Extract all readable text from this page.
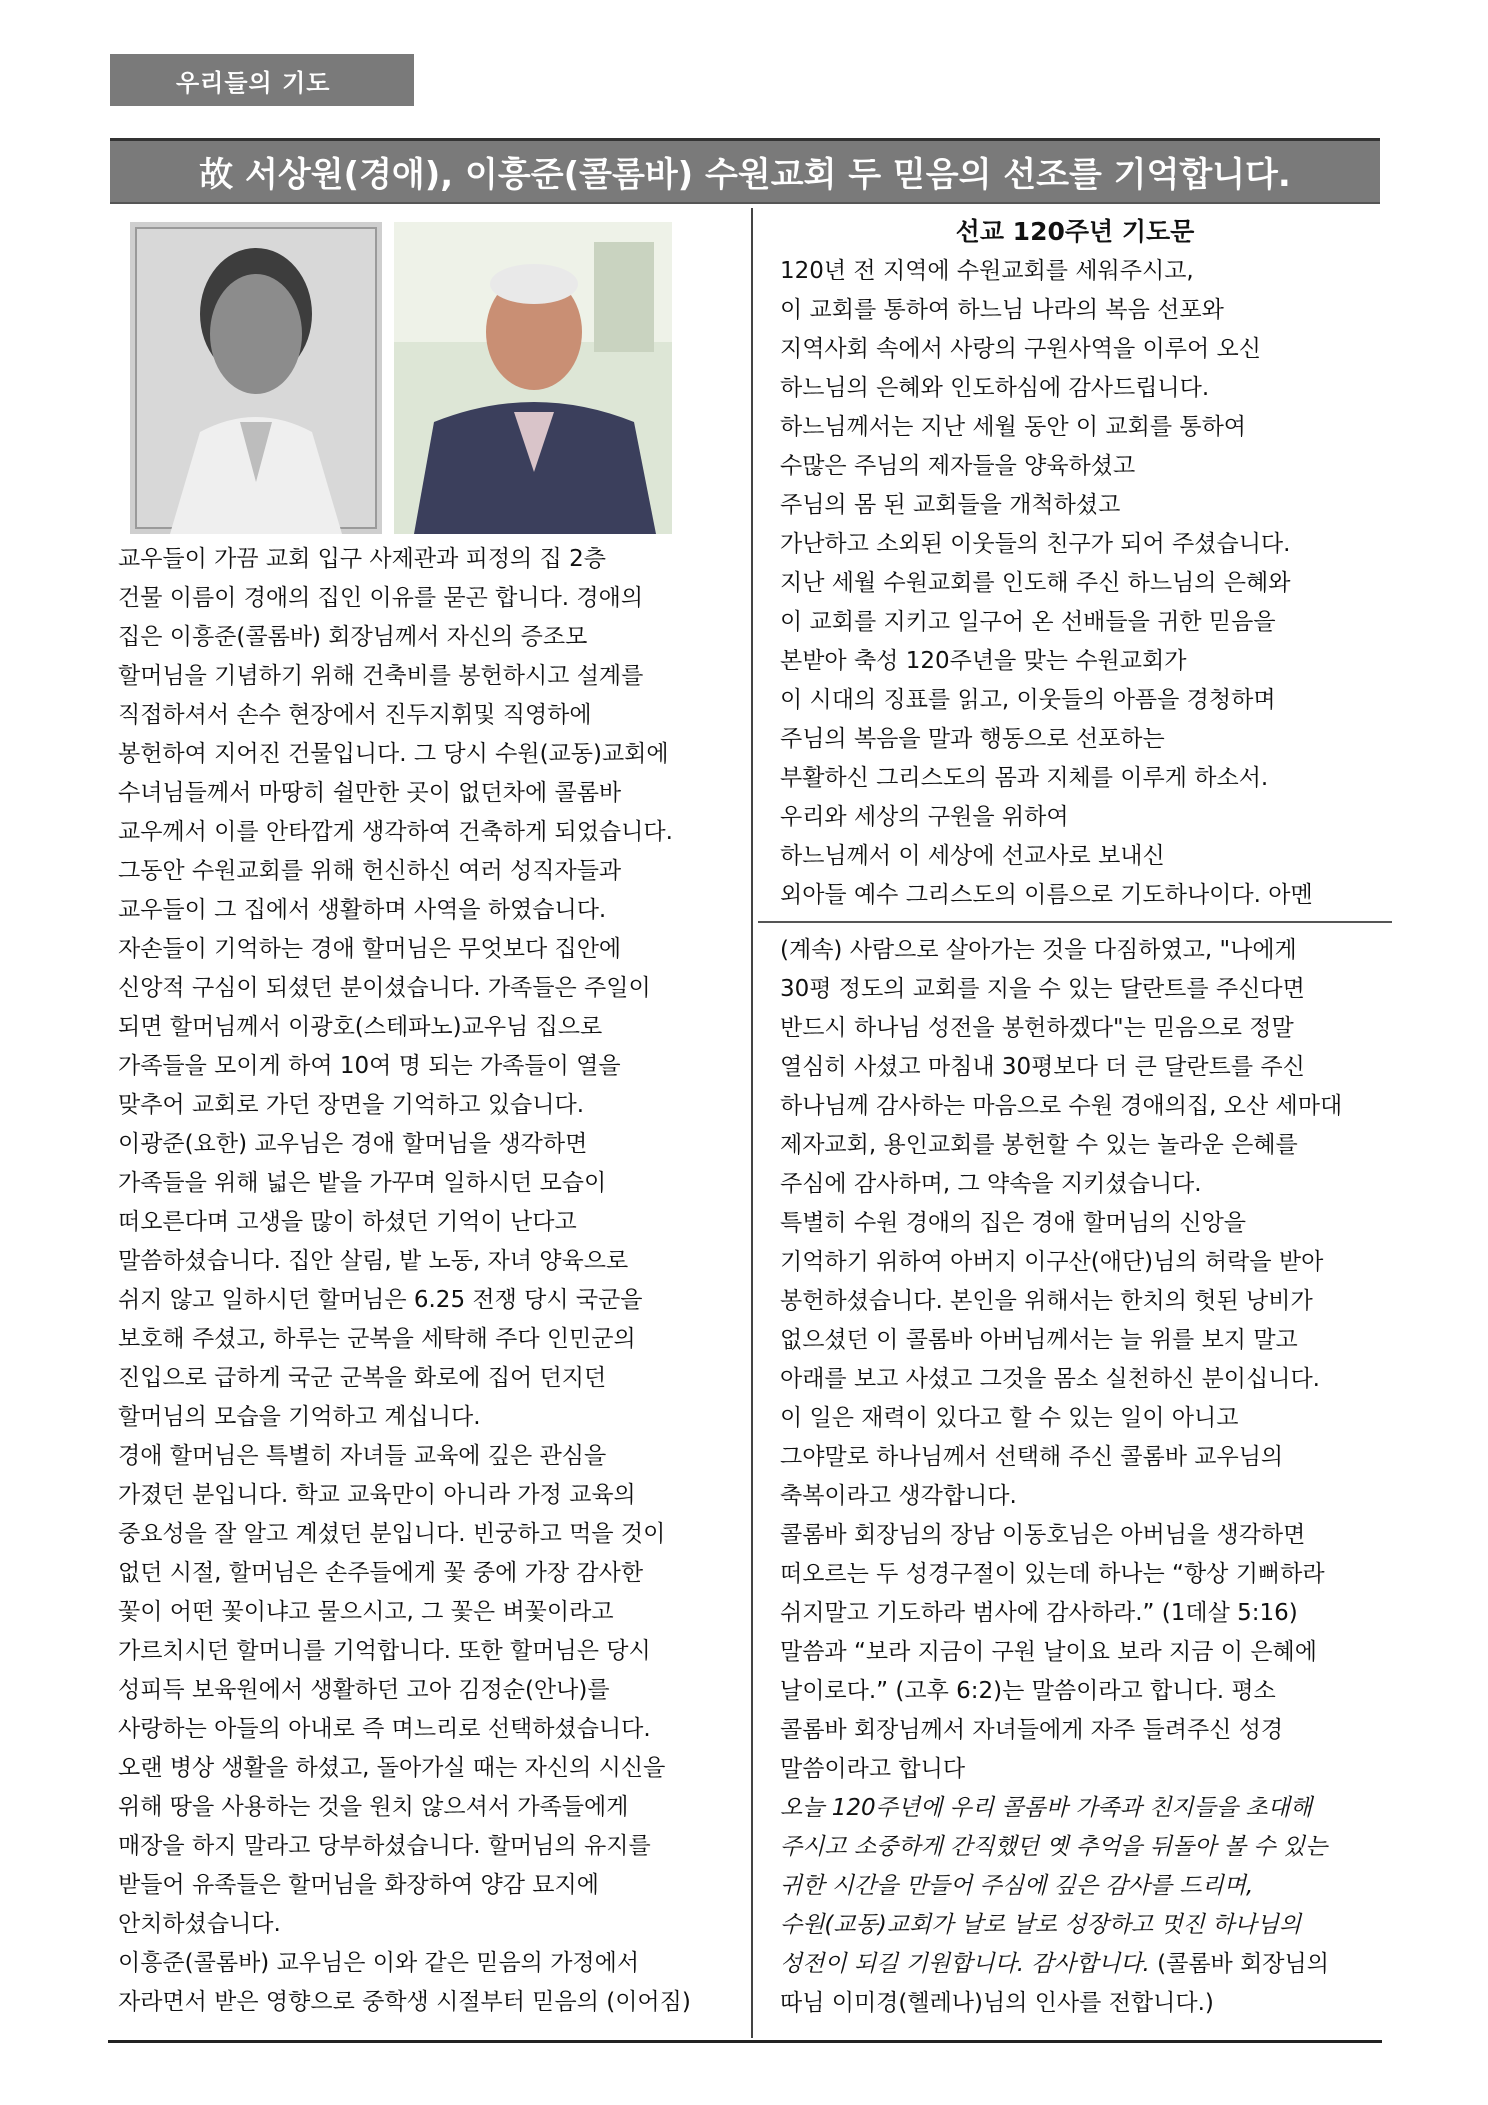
우리들의 기도
故 서상원(경애), 이흥준(콜롬바) 수원교회 두 믿음의 선조를 기억합니다.

교우들이 가끔 교회 입구 사제관과 피정의 집 2층

건물 이름이 경애의 집인 이유를 묻곤 합니다. 경애의

집은 이흥준(콜롬바) 회장님께서 자신의 증조모

할머님을 기념하기 위해 건축비를 봉헌하시고 설계를

직접하셔서 손수 현장에서 진두지휘및 직영하에

봉헌하여 지어진 건물입니다. 그 당시 수원(교동)교회에

수녀님들께서 마땅히 쉴만한 곳이 없던차에 콜롬바

교우께서 이를 안타깝게 생각하여 건축하게 되었습니다.

그동안 수원교회를 위해 헌신하신 여러 성직자들과

교우들이 그 집에서 생활하며 사역을 하였습니다.

자손들이 기억하는 경애 할머님은 무엇보다 집안에

신앙적 구심이 되셨던 분이셨습니다. 가족들은 주일이

되면 할머님께서 이광호(스테파노)교우님 집으로

가족들을 모이게 하여 10여 명 되는 가족들이 열을

맞추어 교회로 가던 장면을 기억하고 있습니다.

이광준(요한) 교우님은 경애 할머님을 생각하면

가족들을 위해 넓은 밭을 가꾸며 일하시던 모습이

떠오른다며 고생을 많이 하셨던 기억이 난다고

말씀하셨습니다. 집안 살림, 밭 노동, 자녀 양육으로

쉬지 않고 일하시던 할머님은 6.25 전쟁 당시 국군을

보호해 주셨고, 하루는 군복을 세탁해 주다 인민군의

진입으로 급하게 국군 군복을 화로에 집어 던지던

할머님의 모습을 기억하고 계십니다.

경애 할머님은 특별히 자녀들 교육에 깊은 관심을

가졌던 분입니다. 학교 교육만이 아니라 가정 교육의

중요성을 잘 알고 계셨던 분입니다. 빈궁하고 먹을 것이

없던 시절, 할머님은 손주들에게 꽃 중에 가장 감사한

꽃이 어떤 꽃이냐고 물으시고, 그 꽃은 벼꽃이라고

가르치시던 할머니를 기억합니다. 또한 할머님은 당시

성피득 보육원에서 생활하던 고아 김정순(안나)를

사랑하는 아들의 아내로 즉 며느리로 선택하셨습니다.

오랜 병상 생활을 하셨고, 돌아가실 때는 자신의 시신을

위해 땅을 사용하는 것을 원치 않으셔서 가족들에게

매장을 하지 말라고 당부하셨습니다. 할머님의 유지를

받들어 유족들은 할머님을 화장하여 양감 묘지에

안치하셨습니다.

이흥준(콜롬바) 교우님은 이와 같은 믿음의 가정에서

자라면서 받은 영향으로 중학생 시절부터 믿음의 (이어짐)

선교 120주년 기도문

120년 전 지역에 수원교회를 세워주시고,

이 교회를 통하여 하느님 나라의 복음 선포와

지역사회 속에서 사랑의 구원사역을 이루어 오신

하느님의 은혜와 인도하심에 감사드립니다.

하느님께서는 지난 세월 동안 이 교회를 통하여

수많은 주님의 제자들을 양육하셨고

주님의 몸 된 교회들을 개척하셨고

가난하고 소외된 이웃들의 친구가 되어 주셨습니다.

지난 세월 수원교회를 인도해 주신 하느님의 은혜와

이 교회를 지키고 일구어 온 선배들을 귀한 믿음을

본받아 축성 120주년을 맞는 수원교회가

이 시대의 징표를 읽고, 이웃들의 아픔을 경청하며

주님의 복음을 말과 행동으로 선포하는

부활하신 그리스도의 몸과 지체를 이루게 하소서.

우리와 세상의 구원을 위하여

하느님께서 이 세상에 선교사로 보내신

외아들 예수 그리스도의 이름으로 기도하나이다. 아멘

(계속) 사람으로 살아가는 것을 다짐하였고, "나에게

30평 정도의 교회를 지을 수 있는 달란트를 주신다면

반드시 하나님 성전을 봉헌하겠다"는 믿음으로 정말

열심히 사셨고 마침내 30평보다 더 큰 달란트를 주신

하나님께 감사하는 마음으로 수원 경애의집, 오산 세마대

제자교회, 용인교회를 봉헌할 수 있는 놀라운 은혜를

주심에 감사하며, 그 약속을 지키셨습니다.

특별히 수원 경애의 집은 경애 할머님의 신앙을

기억하기 위하여 아버지 이구산(애단)님의 허락을 받아

봉헌하셨습니다. 본인을 위해서는 한치의 헛된 낭비가

없으셨던 이 콜롬바 아버님께서는 늘 위를 보지 말고

아래를 보고 사셨고 그것을 몸소 실천하신 분이십니다.

이 일은 재력이 있다고 할 수 있는 일이 아니고

그야말로 하나님께서 선택해 주신 콜롬바 교우님의

축복이라고 생각합니다.

콜롬바 회장님의 장남 이동호님은 아버님을 생각하면

떠오르는 두 성경구절이 있는데 하나는 “항상 기뻐하라

쉬지말고 기도하라 범사에 감사하라.” (1데살 5:16)

말씀과 “보라 지금이 구원 날이요 보라 지금 이 은혜에

날이로다.” (고후 6:2)는 말씀이라고 합니다. 평소

콜롬바 회장님께서 자녀들에게 자주 들려주신 성경

말씀이라고 합니다

오늘 120주년에 우리 콜롬바 가족과 친지들을 초대해

주시고 소중하게 간직했던 옛 추억을 뒤돌아 볼 수 있는

귀한 시간을 만들어 주심에 깊은 감사를 드리며,

수원(교동)교회가 날로 날로 성장하고 멋진 하나님의

성전이 되길 기원합니다. 감사합니다. (콜롬바 회장님의

따님 이미경(헬레나)님의 인사를 전합니다.)
